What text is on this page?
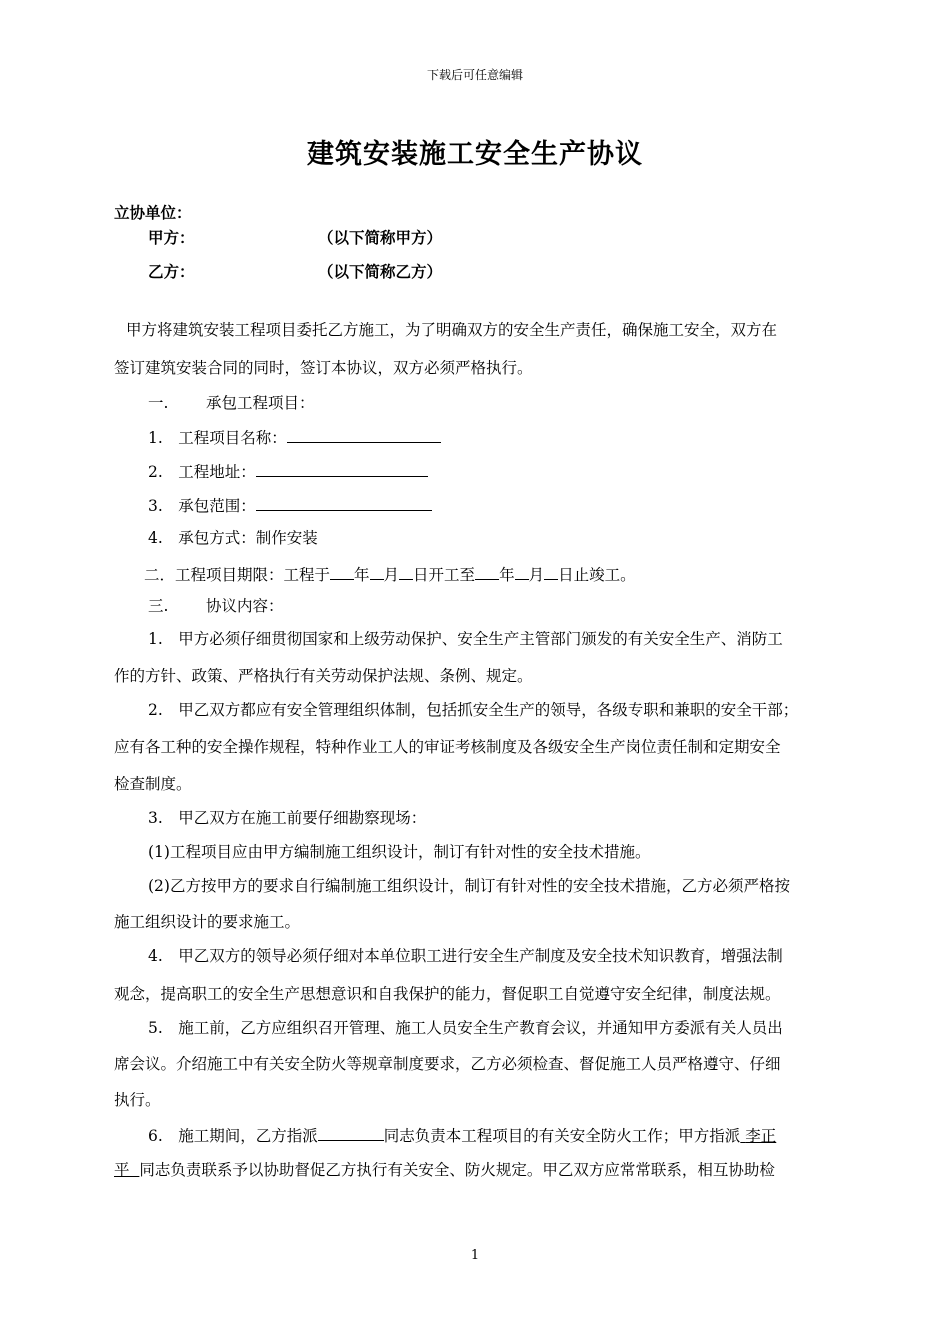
下载后可任意编辑
建筑安装施工安全生产协议
立协单位：
甲方：	（以下简称甲方）
乙方：	（以下简称乙方）
甲方将建筑安装工程项目委托乙方施工，为了明确双方的安全生产责任，确保施工安全，双方在
签订建筑安装合同的同时，签订本协议，双方必须严格执行。
一. 承包工程项目：
1.　工程项目名称：
2.　工程地址：
3.　承包范围：
4.　承包方式：制作安装
二．工程项目期限：工程于 年 月 日开工至 年 月 日止竣工。
三. 协议内容：
1.　甲方必须仔细贯彻国家和上级劳动保护、安全生产主管部门颁发的有关安全生产、消防工
作的方针、政策、严格执行有关劳动保护法规、条例、规定。
2.　甲乙双方都应有安全管理组织体制，包括抓安全生产的领导，各级专职和兼职的安全干部；
应有各工种的安全操作规程，特种作业工人的审证考核制度及各级安全生产岗位责任制和定期安全
检查制度。
3.　甲乙双方在施工前要仔细勘察现场：
(1)工程项目应由甲方编制施工组织设计，制订有针对性的安全技术措施。
(2)乙方按甲方的要求自行编制施工组织设计，制订有针对性的安全技术措施，乙方必须严格按
施工组织设计的要求施工。
4.　甲乙双方的领导必须仔细对本单位职工进行安全生产制度及安全技术知识教育，增强法制
观念，提高职工的安全生产思想意识和自我保护的能力，督促职工自觉遵守安全纪律，制度法规。
5.　施工前，乙方应组织召开管理、施工人员安全生产教育会议，并通知甲方委派有关人员出
席会议。介绍施工中有关安全防火等规章制度要求，乙方必须检查、督促施工人员严格遵守、仔细
执行。
6.　施工期间，乙方指派	同志负责本工程项目的有关安全防火工作；甲方指派 李正
平 同志负责联系予以协助督促乙方执行有关安全、防火规定。甲乙双方应常常联系，相互协助检
1
